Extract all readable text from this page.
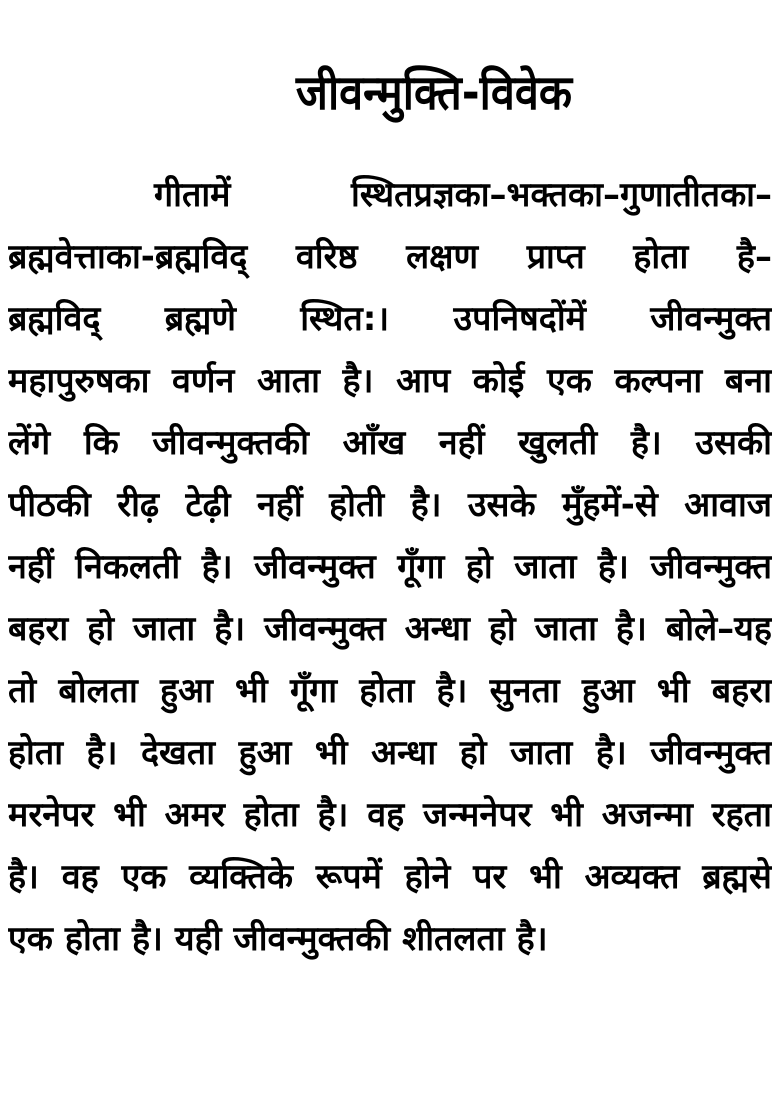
जीवन्मुक्ति-विवेक
गीतामें	स्थितप्रज्ञका–भक्तका–गुणातीतका–
ब्रह्मवेत्ताका-ब्रह्मविद् वरिष्ठ लक्षण प्राप्त होता है–
ब्रह्मविद् ब्रह्मणे स्थित:। उपनिषदोंमें जीवन्मुक्त
महापुरुषका वर्णन आता है। आप कोई एक कल्पना बना
लेंगे कि जीवन्मुक्तकी आँख नहीं खुलती है। उसकी
पीठकी रीढ़ टेढ़ी नहीं होती है। उसके मुँहमें-से आवाज
नहीं निकलती है। जीवन्मुक्त गूँगा हो जाता है। जीवन्मुक्त
बहरा हो जाता है। जीवन्मुक्त अन्धा हो जाता है। बोले–यह
तो बोलता हुआ भी गूँगा होता है। सुनता हुआ भी बहरा
होता है। देखता हुआ भी अन्धा हो जाता है। जीवन्मुक्त
मरनेपर भी अमर होता है। वह जन्मनेपर भी अजन्मा रहता
है। वह एक व्यक्तिके रूपमें होने पर भी अव्यक्त ब्रह्मसे
एक होता है। यही जीवन्मुक्तकी शीतलता है।
